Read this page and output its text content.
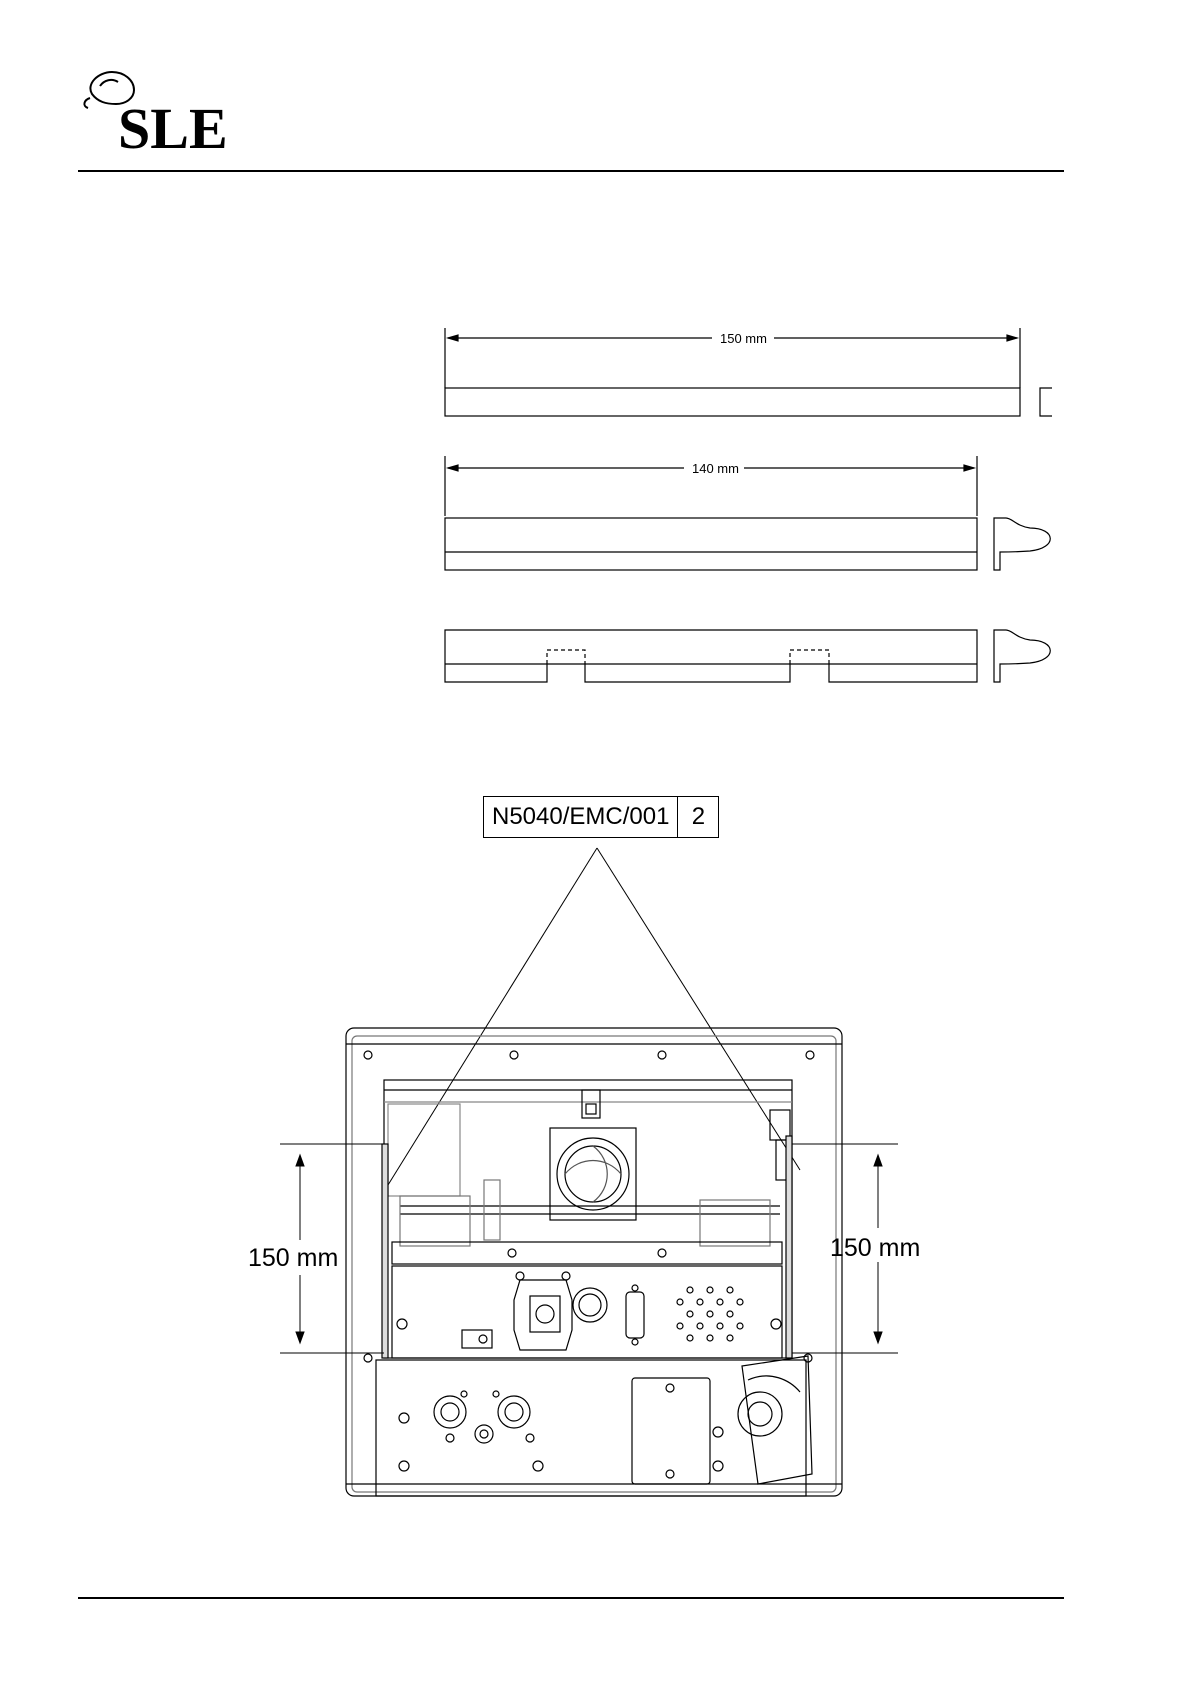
SLE
150 mm
140 mm
150 mm	150 mm
N5040/EMC/001 2
